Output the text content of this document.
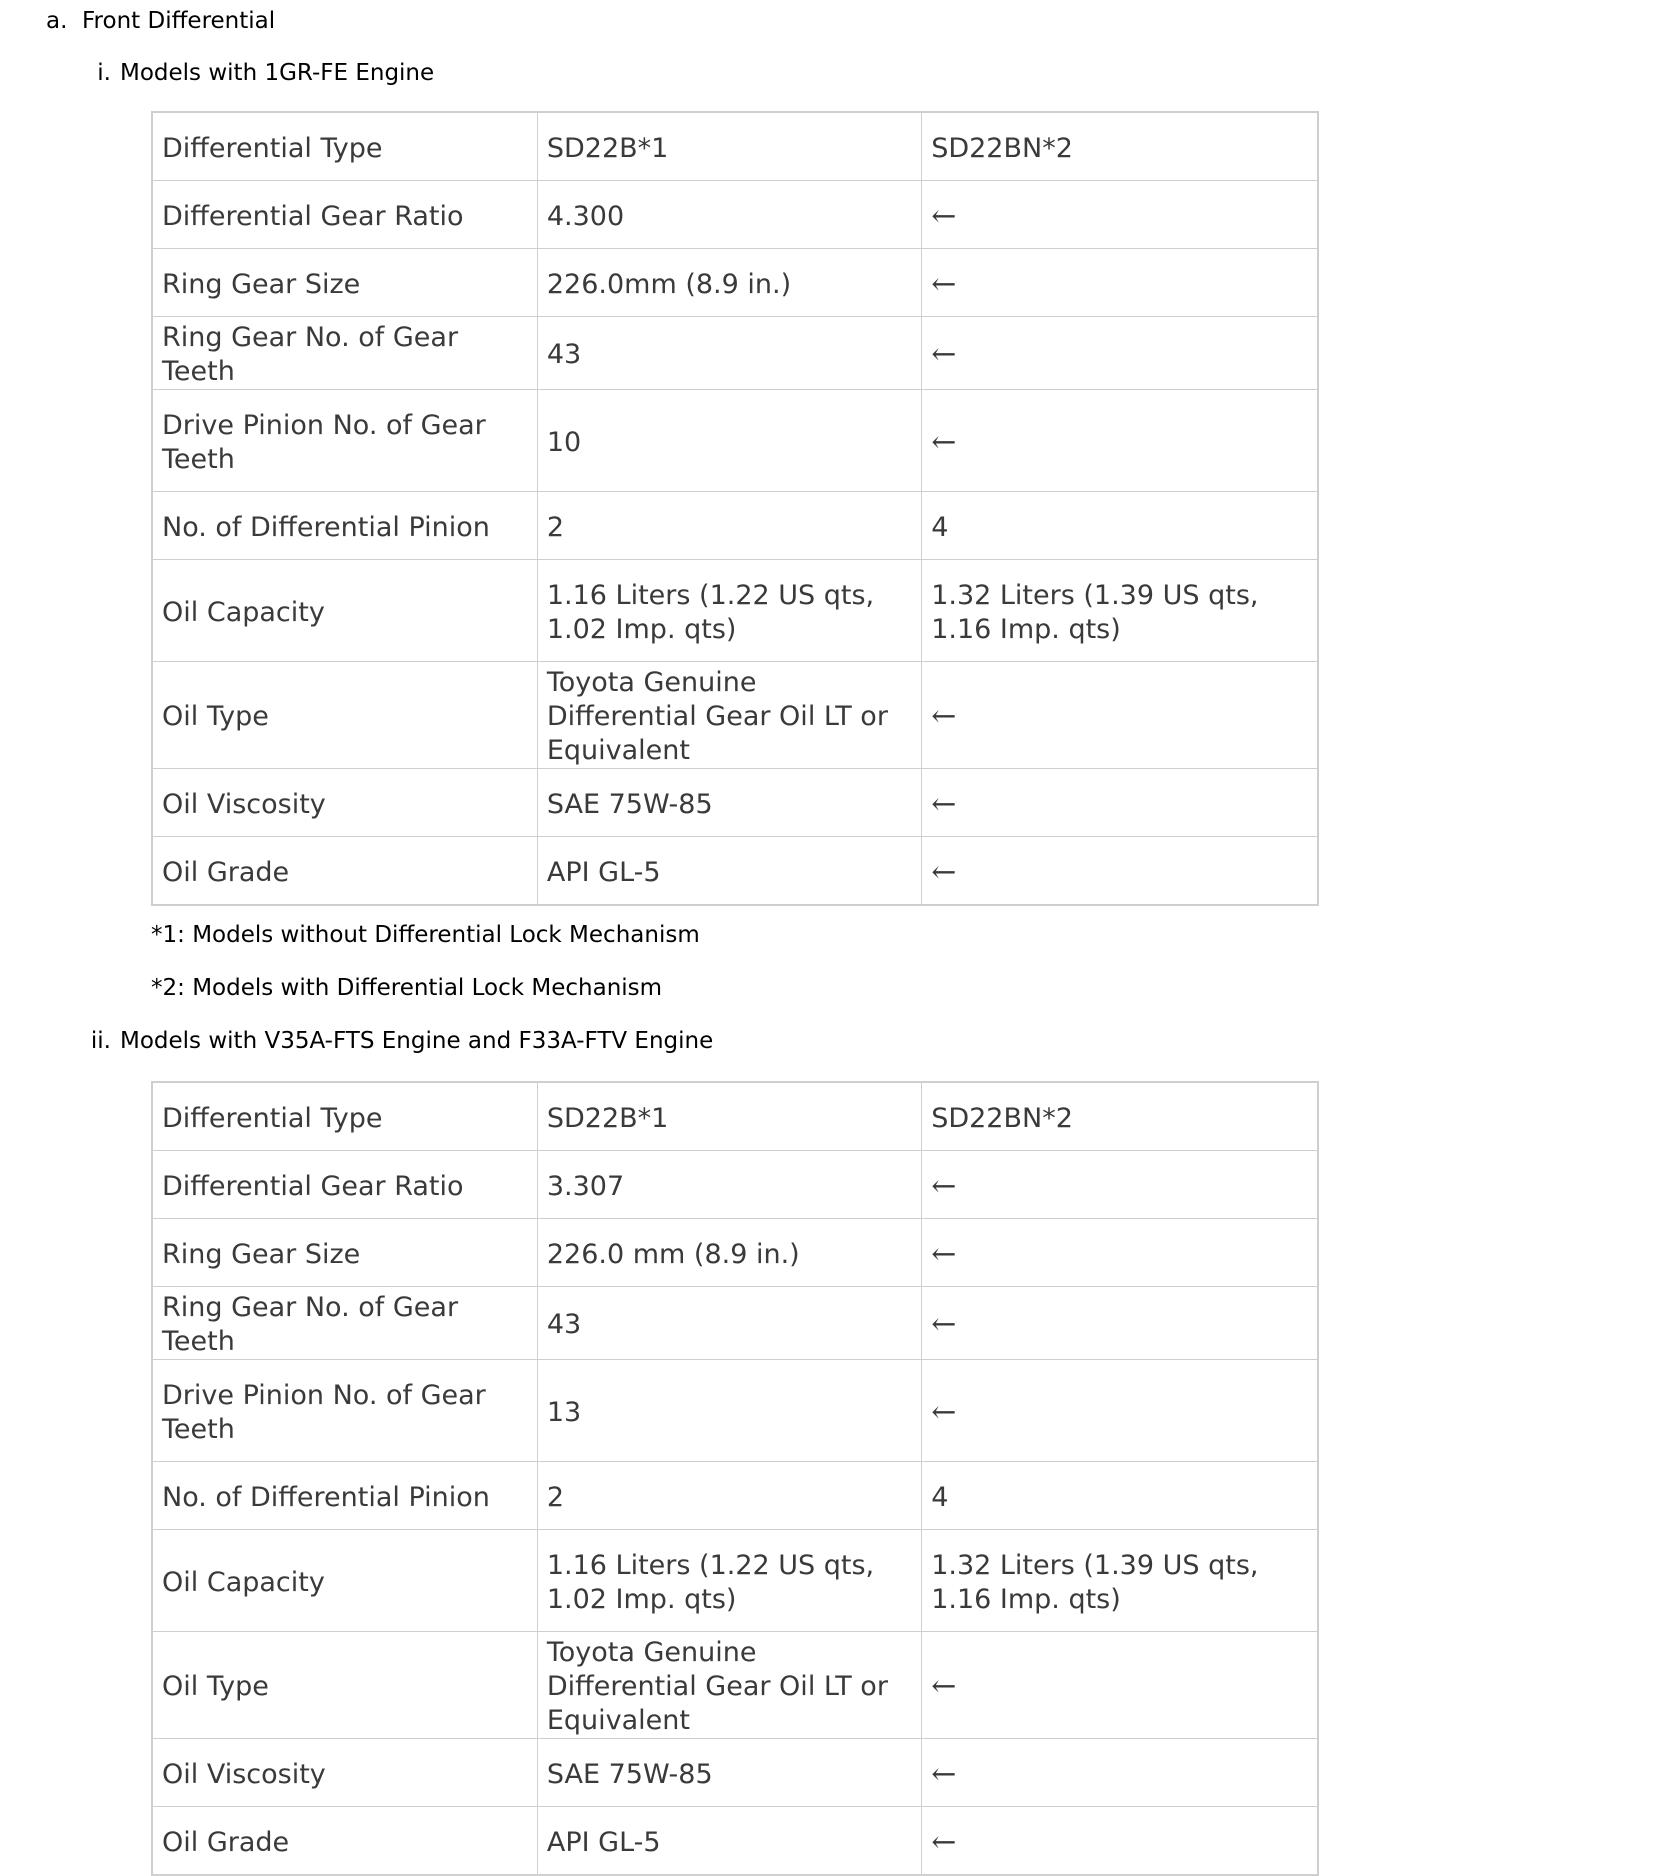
a. Front Differential
i. Models with 1GR-FE Engine
Differential Type	SD22B*1	SD22BN*2
Differential Gear Ratio	4.300	←
Ring Gear Size	226.0mm (8.9 in.)	←
Ring Gear No. of Gear Teeth	43	←
Drive Pinion No. of Gear Teeth	10	←
No. of Differential Pinion	2	4
Oil Capacity	1.16 Liters (1.22 US qts, 1.02 Imp. qts)	1.32 Liters (1.39 US qts, 1.16 Imp. qts)
Oil Type	Toyota Genuine Differential Gear Oil LT or Equivalent	←
Oil Viscosity	SAE 75W-85	←
Oil Grade	API GL-5	←
*1: Models without Differential Lock Mechanism
*2: Models with Differential Lock Mechanism
ii. Models with V35A-FTS Engine and F33A-FTV Engine
Differential Type	SD22B*1	SD22BN*2
Differential Gear Ratio	3.307	←
Ring Gear Size	226.0 mm (8.9 in.)	←
Ring Gear No. of Gear Teeth	43	←
Drive Pinion No. of Gear Teeth	13	←
No. of Differential Pinion	2	4
Oil Capacity	1.16 Liters (1.22 US qts, 1.02 Imp. qts)	1.32 Liters (1.39 US qts, 1.16 Imp. qts)
Oil Type	Toyota Genuine Differential Gear Oil LT or Equivalent	←
Oil Viscosity	SAE 75W-85	←
Oil Grade	API GL-5	←
